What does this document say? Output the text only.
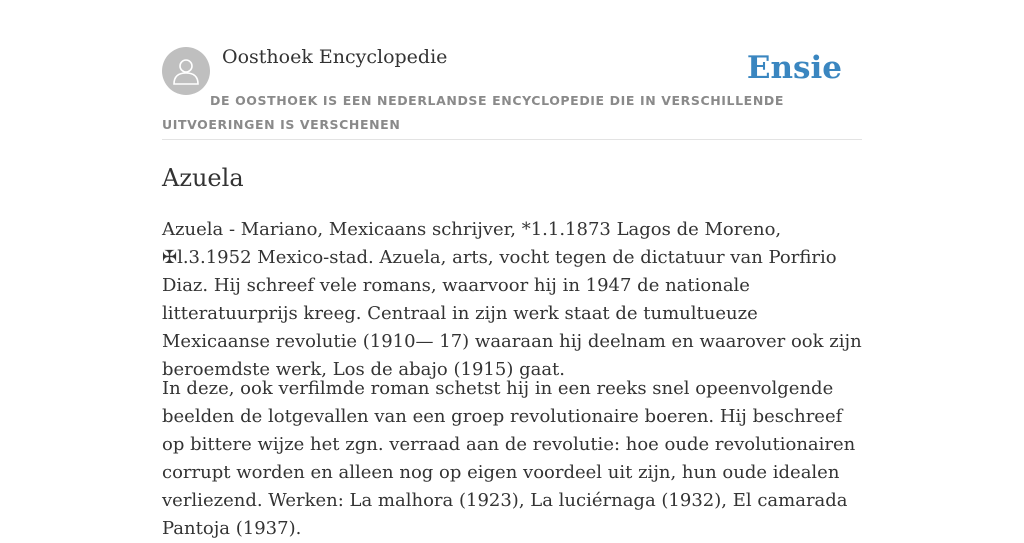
Oosthoek Encyclopedie	Ensie
DE OOSTHOEK IS EEN NEDERLANDSE ENCYCLOPEDIE DIE IN VERSCHILLENDE UITVOERINGEN IS VERSCHENEN
Azuela

Azuela - Mariano, Mexicaans schrijver, *1.1.1873 Lagos de Moreno, ✠l.3.1952 Mexico-stad. Azuela, arts, vocht tegen de dictatuur van Porfirio Diaz. Hij schreef vele romans, waarvoor hij in 1947 de nationale litteratuurprijs kreeg. Centraal in zijn werk staat de tumultueuze Mexicaanse revolutie (1910— 17) waaraan hij deelnam en waarover ook zijn beroemdste werk, Los de abajo (1915) gaat.

In deze, ook verfilmde roman schetst hij in een reeks snel opeenvolgende beelden de lotgevallen van een groep revolutionaire boeren. Hij beschreef op bittere wijze het zgn. verraad aan de revolutie: hoe oude revolutionairen corrupt worden en alleen nog op eigen voordeel uit zijn, hun oude idealen verliezend. Werken: La malhora (1923), La luciérnaga (1932), El camarada Pantoja (1937).
